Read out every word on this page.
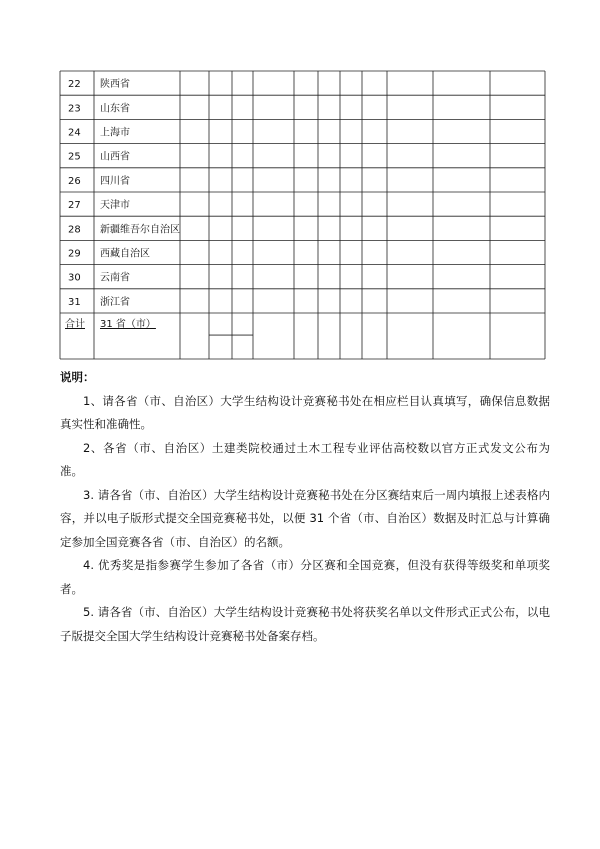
22 陕西省
23 山东省
24 上海市
25 山西省
26 四川省
27 天津市
28 新疆维吾尔自治区
29 西藏自治区
30 云南省
31 浙江省
合计 31 省（市）

说明：

1、请各省（市、自治区）大学生结构设计竞赛秘书处在相应栏目认真填写，确保信息数据真实性和准确性。

2、各省（市、自治区）土建类院校通过土木工程专业评估高校数以官方正式发文公布为准。

3. 请各省（市、自治区）大学生结构设计竞赛秘书处在分区赛结束后一周内填报上述表格内容，并以电子版形式提交全国竞赛秘书处，以便 31 个省（市、自治区）数据及时汇总与计算确定参加全国竞赛各省（市、自治区）的名额。

4. 优秀奖是指参赛学生参加了各省（市）分区赛和全国竞赛，但没有获得等级奖和单项奖者。

5. 请各省（市、自治区）大学生结构设计竞赛秘书处将获奖名单以文件形式正式公布，以电子版提交全国大学生结构设计竞赛秘书处备案存档。
